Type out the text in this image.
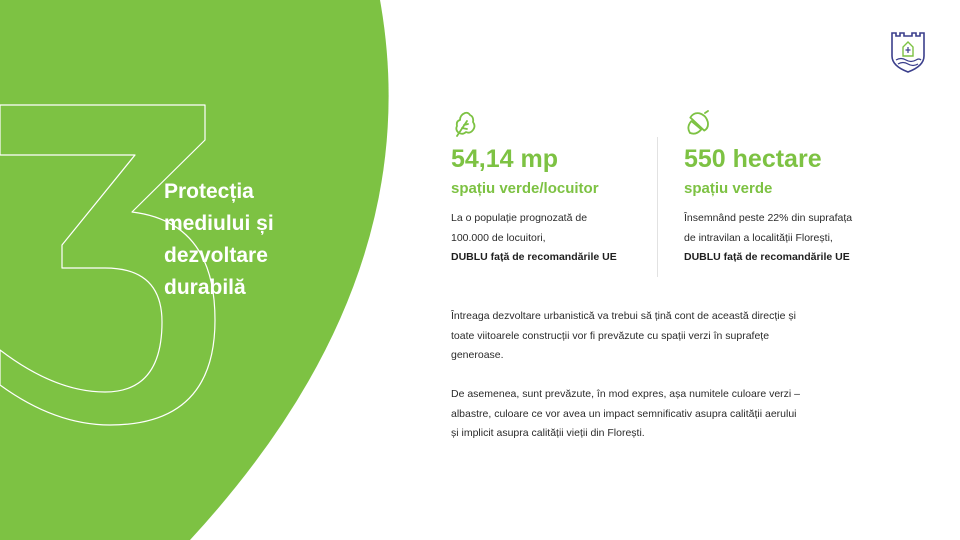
Protecția
mediului și
dezvoltare
durabilă
54,14 mp
spațiu verde/locuitor
La o populație prognozată de
100.000 de locuitori,
DUBLU față de recomandările UE
550 hectare
spațiu verde
Însemnând peste 22% din suprafața
de intravilan a localității Florești,
DUBLU față de recomandările UE

Întreaga dezvoltare urbanistică va trebui să țină cont de această direcție și
toate viitoarele construcții vor fi prevăzute cu spații verzi în suprafețe
generoase.

De asemenea, sunt prevăzute, în mod expres, așa numitele culoare verzi –
albastre, culoare ce vor avea un impact semnificativ asupra calității aerului
și implicit asupra calității vieții din Florești.
